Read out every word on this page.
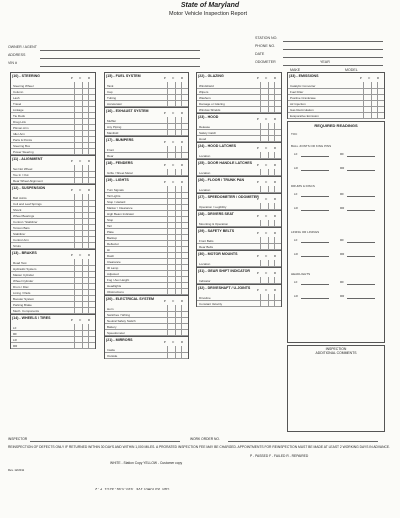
State of Maryland
Motor Vehicle Inspection Report
OWNER / AGENT
ADDRESS
VIN #
STATION NO.
PHONE NO.
DATE
ODOMETER	YEAR
MAKE	MODEL
(10) - STEERING
P F R
Steering Wheel
Column
Lash
Travel
Linkage
Tie Rods
Drag Link
Pitman Arm
Idler Arm
Parts & Points
Steering Box
Power Steering
(11) - ALIGNMENT
P F R
Set Not Wheel
Toe In / Out
Rear Wheel Alignment
(12) - SUSPENSION
P F R
Ball Joints
Coil and Leaf Springs
Shock
Wheel Bearings
Control / Stabilizer
Torsion Bars
Stabilizer
Control Arm
Struts
(13) - BRAKES
P F R
Road Test
Hydraulic System
Master Cylinder
Wheel Cylinder
Drum / Disc
Lining / Pads
Booster System
Parking Brake
Mech. Components
(14) - WHEELS / TIRES
P F R
LF
RF
LR
RR
(15) - FUEL SYSTEM
P F R
Tank
Cap
Tubing
Accelerator
(16) - EXHAUST SYSTEM
P F R
Muffler
Any Piping
Manifold
(17) - BUMPERS
P F R
Front
Rear
(18) - FENDERS
P F R
Grille / Sheet Metal
(19) - LIGHTS
P F R
Turn Signals
Tail Lights
Stop / Hazard
Marker / Clearance
High Beam Indicator
Stop
Tail
Plate
Backup
Reflector
Hi
Dash
Clearance
ID Lamp
Adjusted
Fog / Aux Height
Headlights
Obstructions
(20) - ELECTRICAL SYSTEM
P F R
Horn
Switches / Wiring
Neutral Safety Switch
Battery
Speedometer
(21) - MIRRORS
P F R
Inside
Outside
(22) - GLAZING
P F R
Windshield
Wipers
Washers
Damage or Glazing
Window Shields
(23) - HOOD
P F R
Release
Safety Catch
Hood
(24) - HOOD LATCHES
P F R
Location
(25) - DOOR HANDLE LATCHES
P F R
Location
(26) - FLOOR / TRUNK PAN
P F R
Location
(27) - SPEEDOMETER / ODOMETER
P F R
Operation / Legibility
(28) - DRIVERS SEAT
P F R
Mounting & Operation
(29) - SAFETY BELTS
P F R
Front Belts
Rear Belts
(30) - MOTOR MOUNTS
P F R
Location
(31) - GEAR SHIFT INDICATOR
P F R
Indicator
(32) - DRIVESHAFT / U-JOINTS
P F R
Driveline
Constant Velocity
(33) - EMISSIONS
P F R
Catalytic Converter
Fuel Filter
Positive Crankcase
Air Injection
Gas Recirculation
Evaporative Emission
REQUIRED READINGS
TOC
BALL JOINTS OR KING PINS
LF	RF
LR	RR
DRUMS & DISCS
LF	RF
LR	RR
LINING OR LININGS
LF	RF
LR	RR
HEADLIGHTS
LF	RF
LR	RR
INSPECTION
ADDITIONAL COMMENTS
INSPECTOR	WORK ORDER NO.
REINSPECTION OF DEFECTS ONLY IF RETURNED WITHIN 30 DAYS AND WITHIN 1,000 MILES. A PRORATED INSPECTION FEE MAY BE CHARGED. APPOINTMENTS FOR REINSPECTION MUST BE MADE AT LEAST 2 WORKING DAYS IN ADVANCE.
P - PASSED F - FAILED R - REPAIRED
WHITE - Station Copy YELLOW - Customer copy
Rev. 12/2011
C&R AUTOMOTIVE 410-549-3211 P.2
